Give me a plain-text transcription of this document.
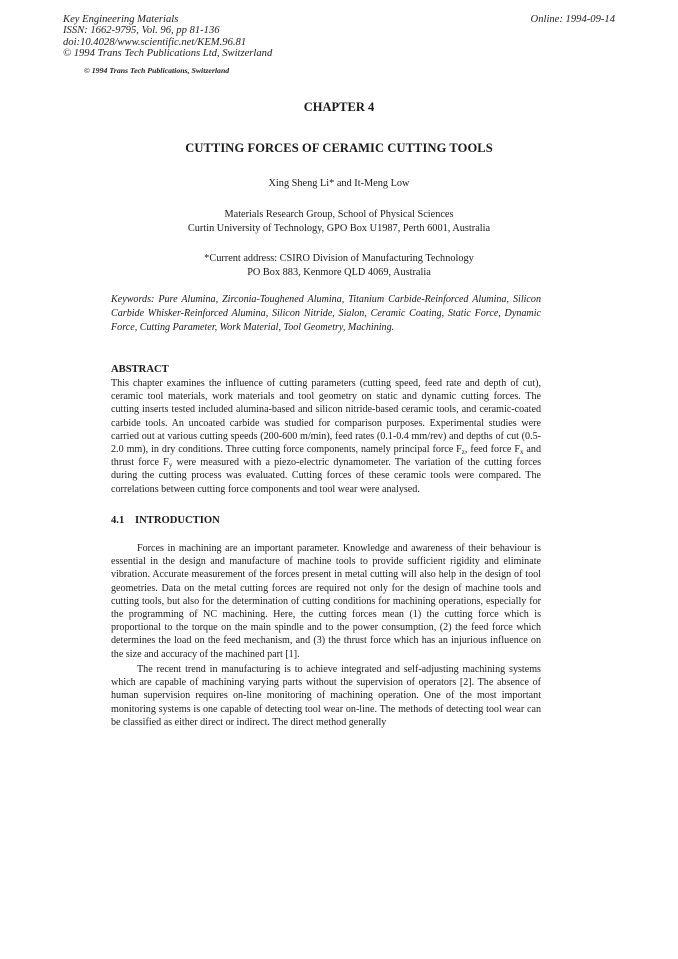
Key Engineering Materials
ISSN: 1662-9795, Vol. 96, pp 81-136
doi:10.4028/www.scientific.net/KEM.96.81
© 1994 Trans Tech Publications Ltd, Switzerland
Online: 1994-09-14
© 1994 Trans Tech Publications, Switzerland
CHAPTER 4
CUTTING FORCES OF CERAMIC CUTTING TOOLS
Xing Sheng Li* and It-Meng Low
Materials Research Group, School of Physical Sciences
Curtin University of Technology, GPO Box U1987, Perth 6001, Australia
*Current address: CSIRO Division of Manufacturing Technology
PO Box 883, Kenmore QLD 4069, Australia
Keywords: Pure Alumina, Zirconia-Toughened Alumina, Titanium Carbide-Reinforced Alumina, Silicon Carbide Whisker-Reinforced Alumina, Silicon Nitride, Sialon, Ceramic Coating, Static Force, Dynamic Force, Cutting Parameter, Work Material, Tool Geometry, Machining.
ABSTRACT
This chapter examines the influence of cutting parameters (cutting speed, feed rate and depth of cut), ceramic tool materials, work materials and tool geometry on static and dynamic cutting forces. The cutting inserts tested included alumina-based and silicon nitride-based ceramic tools, and ceramic-coated carbide tools. An uncoated carbide was studied for comparison purposes. Experimental studies were carried out at various cutting speeds (200-600 m/min), feed rates (0.1-0.4 mm/rev) and depths of cut (0.5-2.0 mm), in dry conditions. Three cutting force components, namely principal force $F_z$, feed force $F_x$ and thrust force $F_y$ were measured with a piezo-electric dynamometer. The variation of the cutting forces during the cutting process was evaluated. Cutting forces of these ceramic tools were compared. The correlations between cutting force components and tool wear were analysed.
4.1 INTRODUCTION
Forces in machining are an important parameter. Knowledge and awareness of their behaviour is essential in the design and manufacture of machine tools to provide sufficient rigidity and eliminate vibration. Accurate measurement of the forces present in metal cutting will also help in the design of tool geometries. Data on the metal cutting forces are required not only for the design of machine tools and cutting tools, but also for the determination of cutting conditions for machining operations, especially for the programming of NC machining. Here, the cutting forces mean (1) the cutting force which is proportional to the torque on the main spindle and to the power consumption, (2) the feed force which determines the load on the feed mechanism, and (3) the thrust force which has an injurious influence on the size and accuracy of the machined part [1].
The recent trend in manufacturing is to achieve integrated and self-adjusting machining systems which are capable of machining varying parts without the supervision of operators [2]. The absence of human supervision requires on-line monitoring of machining operation. One of the most important monitoring systems is one capable of detecting tool wear on-line. The methods of detecting tool wear can be classified as either direct or indirect. The direct method generally
